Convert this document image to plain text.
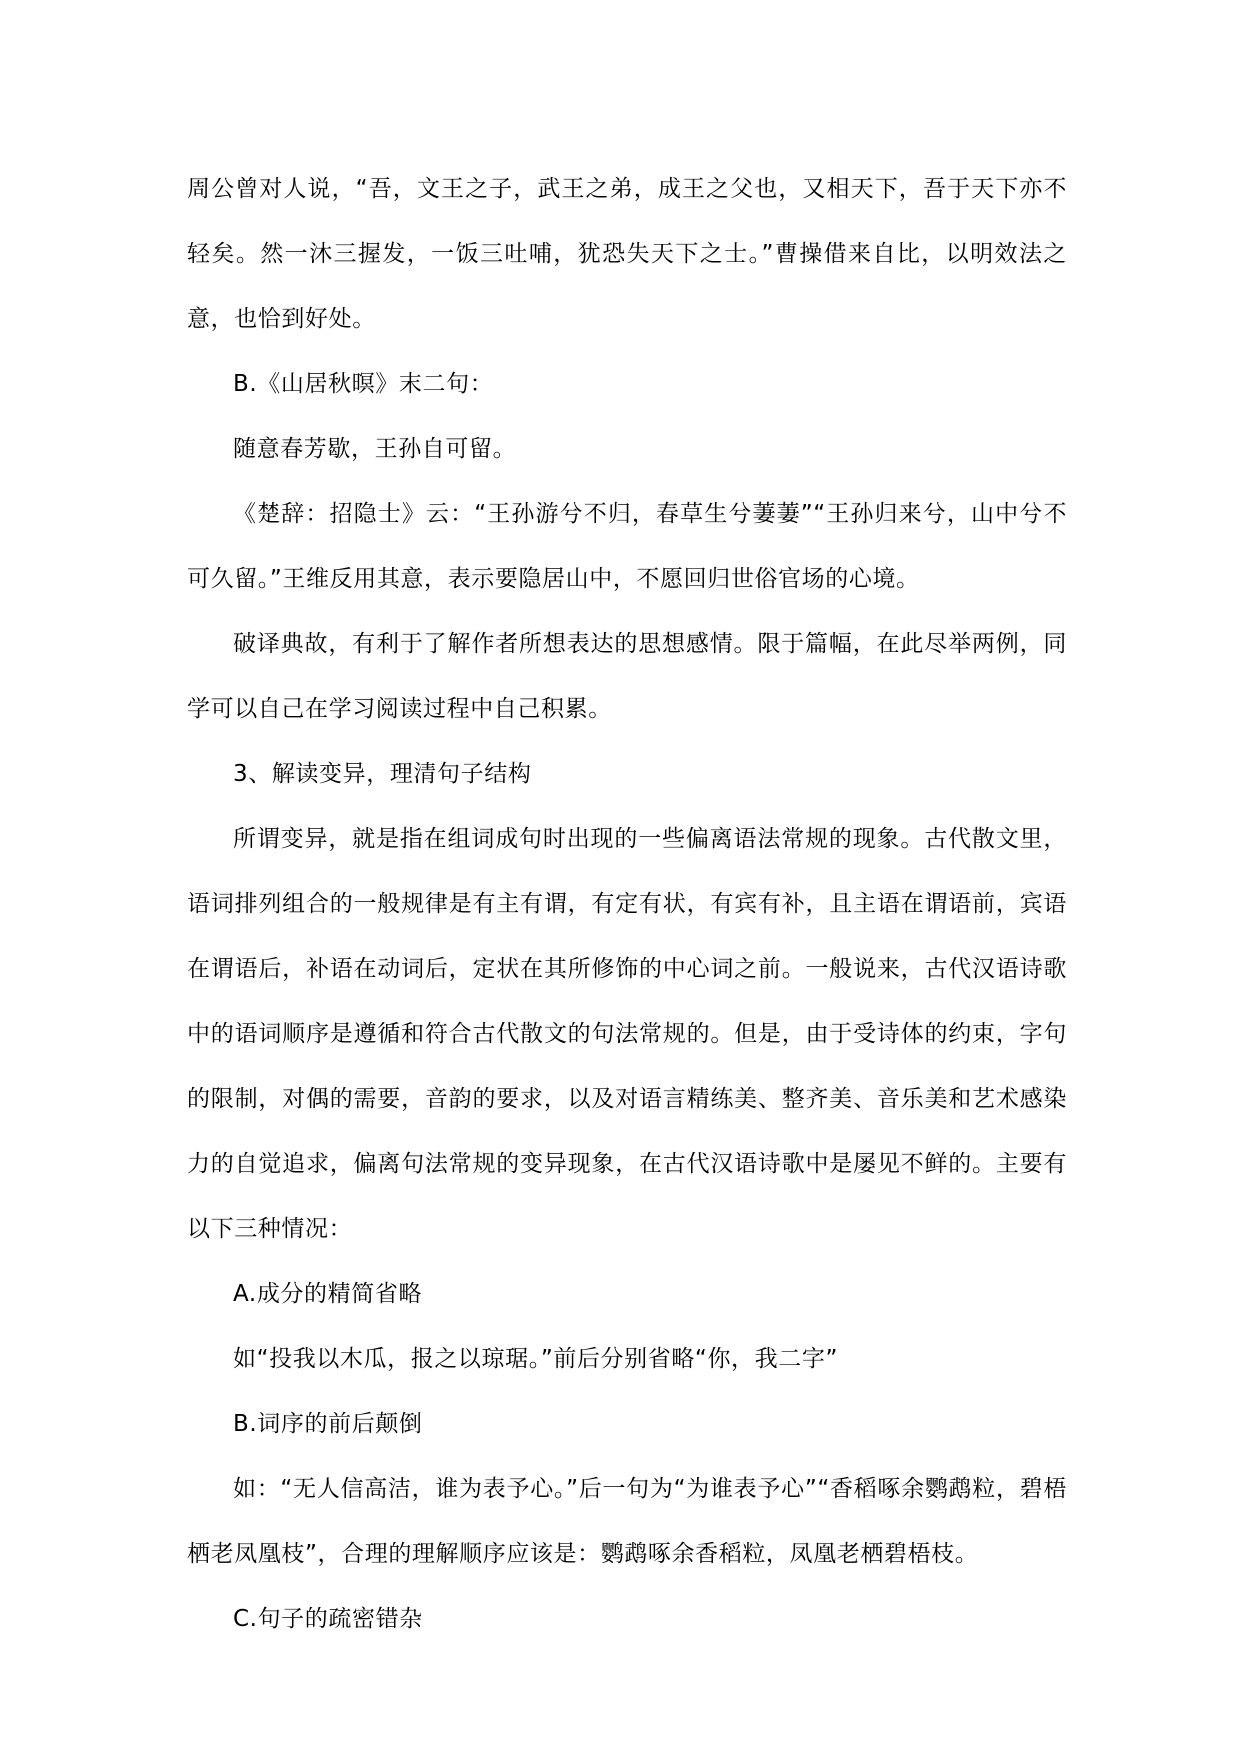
周公曾对人说，“吾，文王之子，武王之弟，成王之父也，又相天下，吾于天下亦不轻矣。然一沐三握发，一饭三吐哺，犹恐失天下之士。”曹操借来自比，以明效法之意，也恰到好处。

B.《山居秋暝》末二句：

随意春芳歇，王孙自可留。

《楚辞：招隐士》云：“王孙游兮不归，春草生兮萋萋”“王孙归来兮，山中兮不可久留。”王维反用其意，表示要隐居山中，不愿回归世俗官场的心境。

破译典故，有利于了解作者所想表达的思想感情。限于篇幅，在此尽举两例，同学可以自己在学习阅读过程中自己积累。

3、解读变异，理清句子结构

所谓变异，就是指在组词成句时出现的一些偏离语法常规的现象。古代散文里，语词排列组合的一般规律是有主有谓，有定有状，有宾有补，且主语在谓语前，宾语在谓语后，补语在动词后，定状在其所修饰的中心词之前。一般说来，古代汉语诗歌中的语词顺序是遵循和符合古代散文的句法常规的。但是，由于受诗体的约束，字句的限制，对偶的需要，音韵的要求，以及对语言精练美、整齐美、音乐美和艺术感染力的自觉追求，偏离句法常规的变异现象，在古代汉语诗歌中是屡见不鲜的。主要有以下三种情况：

A.成分的精简省略

如“投我以木瓜，报之以琼琚。”前后分别省略“你，我二字”

B.词序的前后颠倒

如：“无人信高洁，谁为表予心。”后一句为“为谁表予心”“香稻啄余鹦鹉粒，碧梧栖老凤凰枝”，合理的理解顺序应该是：鹦鹉啄余香稻粒，凤凰老栖碧梧枝。

C.句子的疏密错杂
